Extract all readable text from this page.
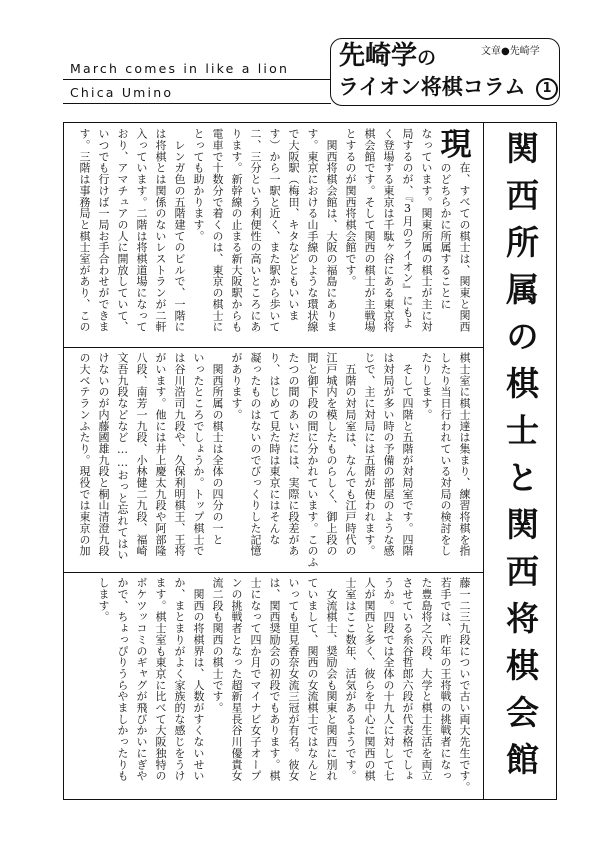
March comes in like a lion
Chica Umino
先崎学の
ライオン将棋コラム	1
文章●先崎学
関西所属の棋士と関西将棋会館
現
在、すべての棋士は、関東と関西
のどちらかに所属することに
なっています。関東所属の棋士が主に対
局するのが、『3月のライオン』にもよ
く登場する東京は千駄ヶ谷にある東京将
棋会館です。そして関西の棋士が主戦場
とするのが関西将棋会館です。
　関西将棋会館は、大阪の福島にありま
す。東京における山手線のような環状線
で大阪駅（梅田、キタなどともいいま
す）から一駅と近く、また駅から歩いて
二、三分という利便性の高いところにあ
ります。新幹線の止まる新大阪駅からも
電車で十数分で着くのは、東京の棋士に
とっても助かります。
　レンガ色の五階建てのビルで、一階に
は将棋とは関係のないレストランが二軒
入っています。二階は将棋道場になって
おり、アマチュアの人に開放していて、
いつでも行けば一局お手合わせができま
す。三階は事務局と棋士室があり、この
棋士室に棋士達は集まり、練習将棋を指
したり当日行われている対局の検討をし
たりします。
　そして四階と五階が対局室です。四階
は対局が多い時の予備の部屋のような感
じで、主に対局には五階が使われます。
　五階の対局室は、なんでも江戸時代の
江戸城内を模したものらしく、御上段の
間と御下段の間に分かれています。このふ
たつの間のあいだには、実際に段差があ
り、はじめて見た時は東京にはそんな
凝ったものはないのでびっくりした記憶
があります。
　関西所属の棋士は全体の四分の一と
いったところでしょうか。トップ棋士で
は谷川浩司九段や、久保利明棋王、王将
がいます。他には井上慶太九段や阿部隆
八段、南芳一九段、小林健二九段、福崎
文吾九段などなど……おっと忘れてはい
けないのが内藤國雄九段と桐山清澄九段
の大ベテランふたり。現役では東京の加
藤一二三九段についで古い両大先生です。
若手では、昨年の王将戦の挑戦者になっ
た豊島将之六段、大学と棋士生活を両立
させている糸谷哲郎六段が代表格でしょ
うか。四段では全体の十九人に対して七
人が関西と多く、彼らを中心に関西の棋
士室はここ数年、活気があるようです。
　女流棋士、奨励会も関東と関西に別れ
ていまして、関西の女流棋士ではなんと
いっても里見香奈女流三冠が有名。彼女
は、関西奨励会の初段でもあります。棋
士になって四か月でマイナビ女子オープ
ンの挑戦者となった超新星長谷川優貴女
流二段も関西の棋士です。
　関西の将棋界は、人数がすくないせい
か、まとまりがよく家族的な感じをうけ
ます。棋士室も東京に比べて大阪独特の
ボケツッコミのギャグが飛びかいにぎや
かで、ちょっぴりうらやましかったりも
します。
